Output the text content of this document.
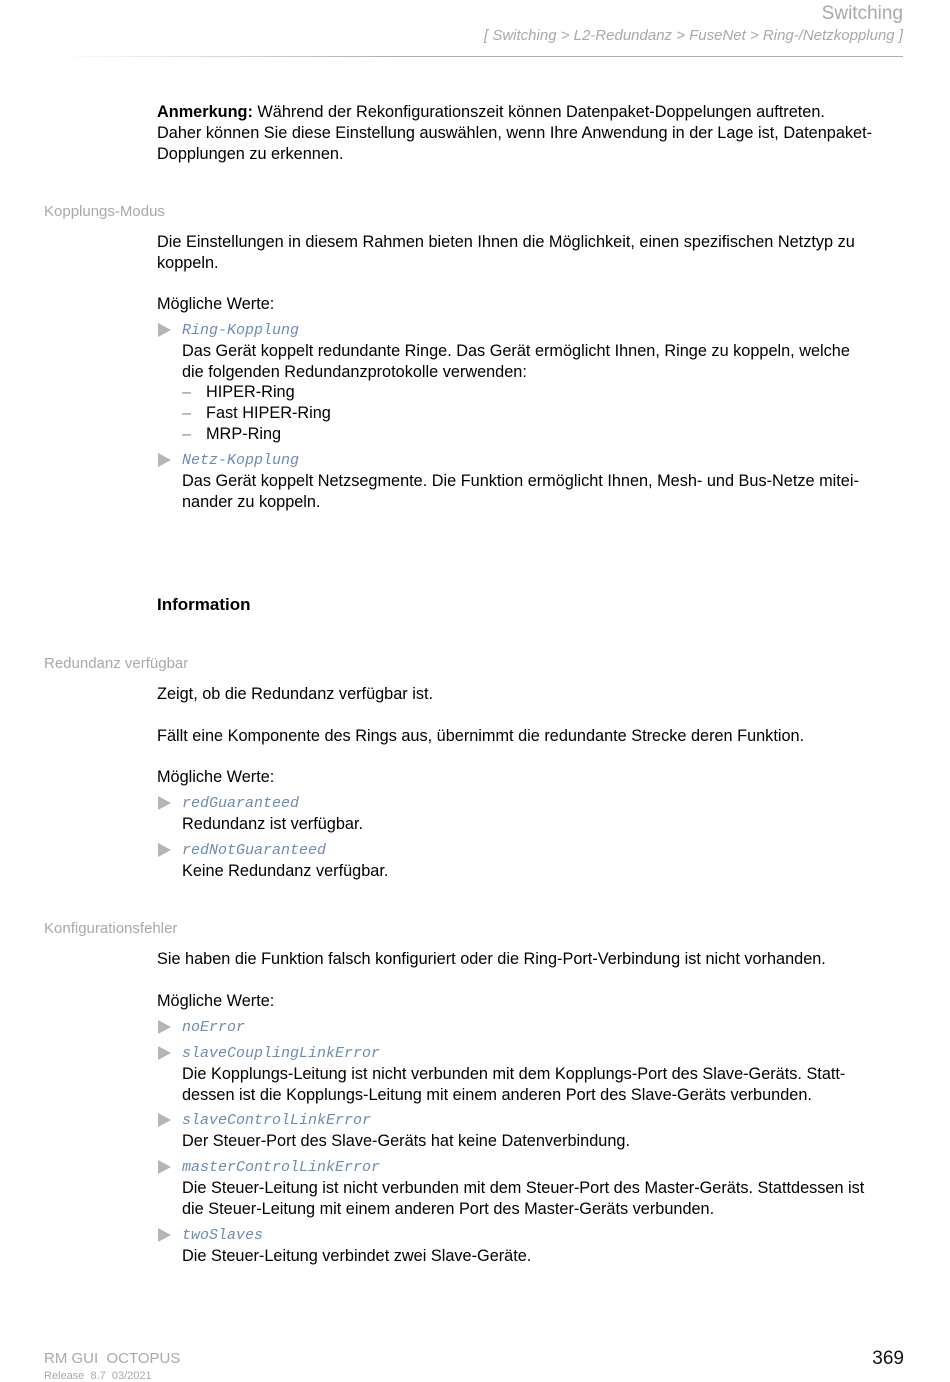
Switching
[ Switching > L2-Redundanz > FuseNet > Ring-/Netzkopplung ]
Anmerkung: Während der Rekonfigurationszeit können Datenpaket-Doppelungen auftreten.
Daher können Sie diese Einstellung auswählen, wenn Ihre Anwendung in der Lage ist, Datenpaket-
Dopplungen zu erkennen.
Kopplungs-Modus
Die Einstellungen in diesem Rahmen bieten Ihnen die Möglichkeit, einen spezifischen Netztyp zu
koppeln.
Mögliche Werte:
Ring-Kopplung
Das Gerät koppelt redundante Ringe. Das Gerät ermöglicht Ihnen, Ringe zu koppeln, welche
die folgenden Redundanzprotokolle verwenden:
– HIPER-Ring
– Fast HIPER-Ring
– MRP-Ring
Netz-Kopplung
Das Gerät koppelt Netzsegmente. Die Funktion ermöglicht Ihnen, Mesh- und Bus-Netze mitei-
nander zu koppeln.
Information
Redundanz verfügbar
Zeigt, ob die Redundanz verfügbar ist.
Fällt eine Komponente des Rings aus, übernimmt die redundante Strecke deren Funktion.
Mögliche Werte:
redGuaranteed
Redundanz ist verfügbar.
redNotGuaranteed
Keine Redundanz verfügbar.
Konfigurationsfehler
Sie haben die Funktion falsch konfiguriert oder die Ring-Port-Verbindung ist nicht vorhanden.
Mögliche Werte:
noError
slaveCouplingLinkError
Die Kopplungs-Leitung ist nicht verbunden mit dem Kopplungs-Port des Slave-Geräts. Statt-
dessen ist die Kopplungs-Leitung mit einem anderen Port des Slave-Geräts verbunden.
slaveControlLinkError
Der Steuer-Port des Slave-Geräts hat keine Datenverbindung.
masterControlLinkError
Die Steuer-Leitung ist nicht verbunden mit dem Steuer-Port des Master-Geräts. Stattdessen ist
die Steuer-Leitung mit einem anderen Port des Master-Geräts verbunden.
twoSlaves
Die Steuer-Leitung verbindet zwei Slave-Geräte.
RM GUI  OCTOPUS
Release  8.7  03/2021
369
